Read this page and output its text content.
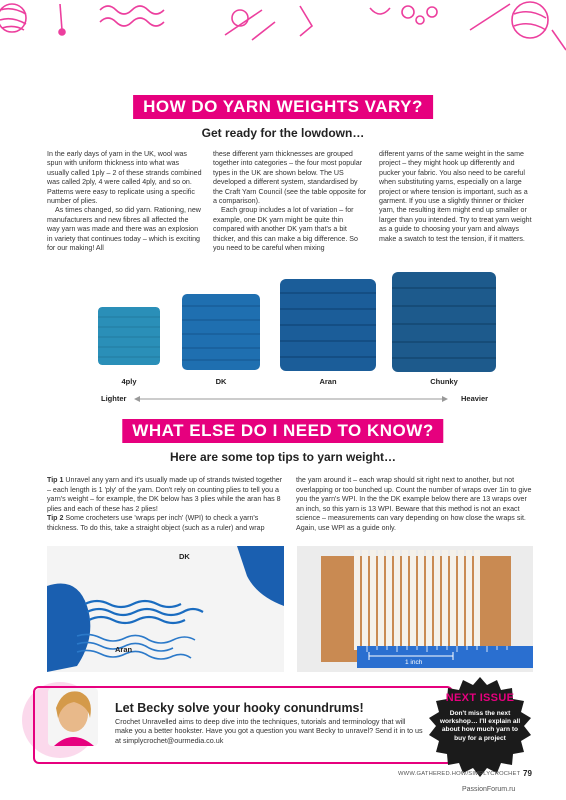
HOW DO YARN WEIGHTS VARY?
Get ready for the lowdown…

In the early days of yarn in the UK, wool was spun with uniform thickness into what was usually called 1ply – 2 of these strands combined was called 2ply, 4 were called 4ply, and so on. Patterns were easy to replicate using a specific number of plies.

As times changed, so did yarn. Rationing, new manufacturers and new fibres all affected the way yarn was made and there was an explosion in variety that continues today – which is exciting for our making! All

these different yarn thicknesses are grouped together into categories – the four most popular types in the UK are shown below. The US developed a different system, standardised by the Craft Yarn Council (see the table opposite for a comparison).

Each group includes a lot of variation – for example, one DK yarn might be quite thin compared with another DK yarn that's a bit thicker, and this can make a big difference. So you need to be careful when mixing

different yarns of the same weight in the same project – they might hook up differently and pucker your fabric. You also need to be careful when substituting yarns, especially on a large project or where tension is important, such as a garment. If you use a slightly thinner or thicker yarn, the resulting item might end up smaller or larger than you intended. Try to treat yarn weight as a guide to choosing your yarn and always make a swatch to test the tension, if it matters.

4ply	DK	Aran	Chunky
Lighter	Heavier
WHAT ELSE DO I NEED TO KNOW?
Here are some top tips to yarn weight…

Tip 1 Unravel any yarn and it's usually made up of strands twisted together – each length is 1 'ply' of the yarn. Don't rely on counting plies to tell you a yarn's weight – for example, the DK below has 3 plies while the aran has 8 plies and each of these has 2 plies!

Tip 2 Some crocheters use 'wraps per inch' (WPI) to check a yarn's thickness. To do this, take a straight object (such as a ruler) and wrap

the yarn around it – each wrap should sit right next to another, but not overlapping or too bunched up. Count the number of wraps over 1in to give you the yarn's WPI. In the the DK example below there are 13 wraps over an inch, so this yarn is 13 WPI. Beware that this method is not an exact science – measurements can vary depending on how close the wraps sit. Again, use WPI as a guide only.

DK
Aran
1 inch
Let Becky solve your hooky conundrums!
Crochet Unravelled aims to deep dive into the techniques, tutorials and terminology that will make you a better hookster. Have you got a question you want Becky to unravel? Send it in to us at simplycrochet@ourmedia.co.uk
NEXT ISSUE
Don't miss the next workshop… I'll explain all about how much yarn to buy for a project
WWW.GATHERED.HOW/SIMPLYCROCHET 79
PassionForum.ru
